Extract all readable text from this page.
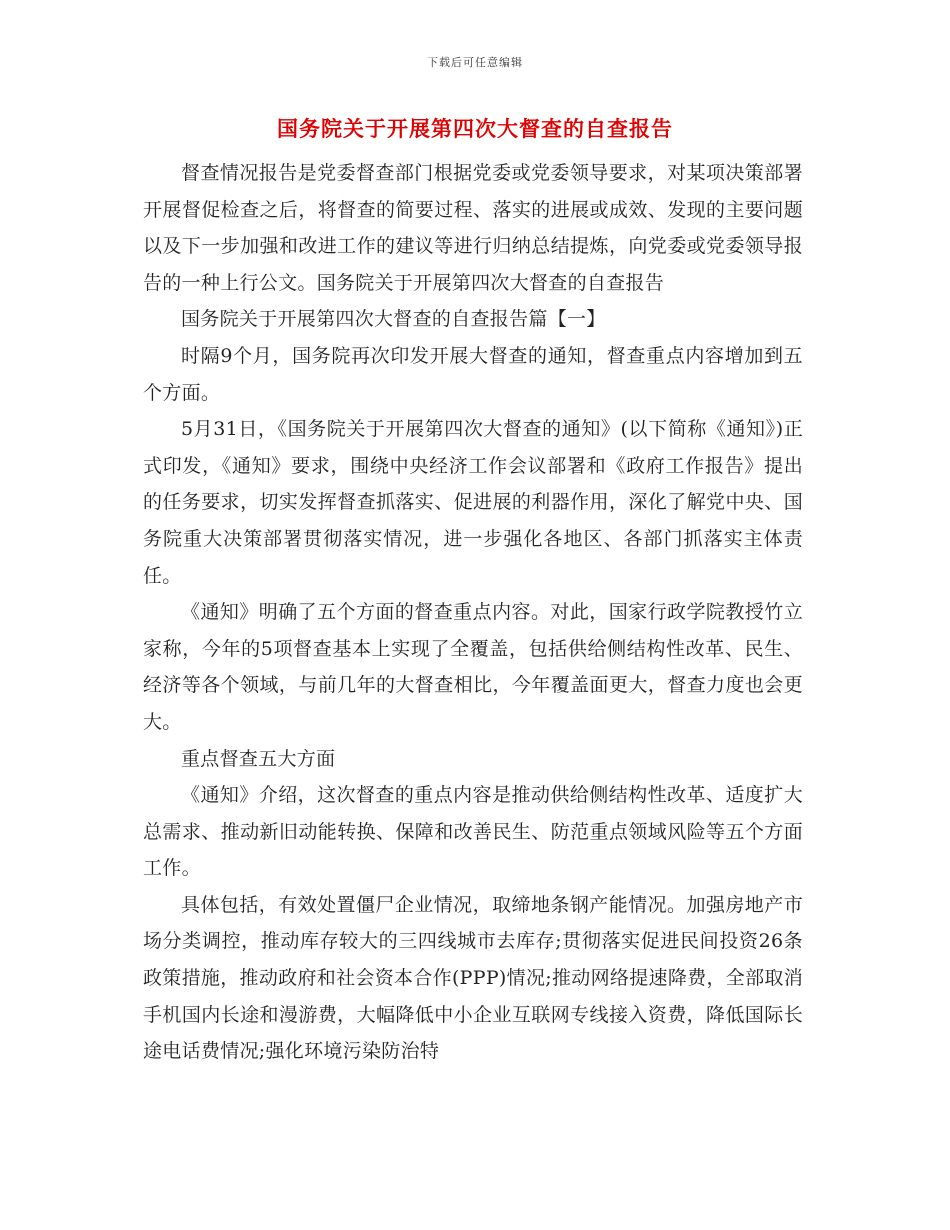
下载后可任意编辑
国务院关于开展第四次大督查的自查报告

督查情况报告是党委督查部门根据党委或党委领导要求，对某项决策部署开展督促检查之后，将督查的简要过程、落实的进展或成效、发现的主要问题以及下一步加强和改进工作的建议等进行归纳总结提炼，向党委或党委领导报告的一种上行公文。国务院关于开展第四次大督查的自查报告

国务院关于开展第四次大督查的自查报告篇【一】

时隔9个月，国务院再次印发开展大督查的通知，督查重点内容增加到五个方面。

5月31日，《国务院关于开展第四次大督查的通知》(以下简称《通知》)正式印发，《通知》要求，围绕中央经济工作会议部署和《政府工作报告》提出的任务要求，切实发挥督查抓落实、促进展的利器作用，深化了解党中央、国务院重大决策部署贯彻落实情况，进一步强化各地区、各部门抓落实主体责任。

《通知》明确了五个方面的督查重点内容。对此，国家行政学院教授竹立家称，今年的5项督查基本上实现了全覆盖，包括供给侧结构性改革、民生、经济等各个领域，与前几年的大督查相比，今年覆盖面更大，督查力度也会更大。

重点督查五大方面

《通知》介绍，这次督查的重点内容是推动供给侧结构性改革、适度扩大总需求、推动新旧动能转换、保障和改善民生、防范重点领域风险等五个方面工作。

具体包括，有效处置僵尸企业情况，取缔地条钢产能情况。加强房地产市场分类调控，推动库存较大的三四线城市去库存;贯彻落实促进民间投资26条政策措施，推动政府和社会资本合作(PPP)情况;推动网络提速降费，全部取消手机国内长途和漫游费，大幅降低中小企业互联网专线接入资费，降低国际长途电话费情况;强化环境污染防治特
